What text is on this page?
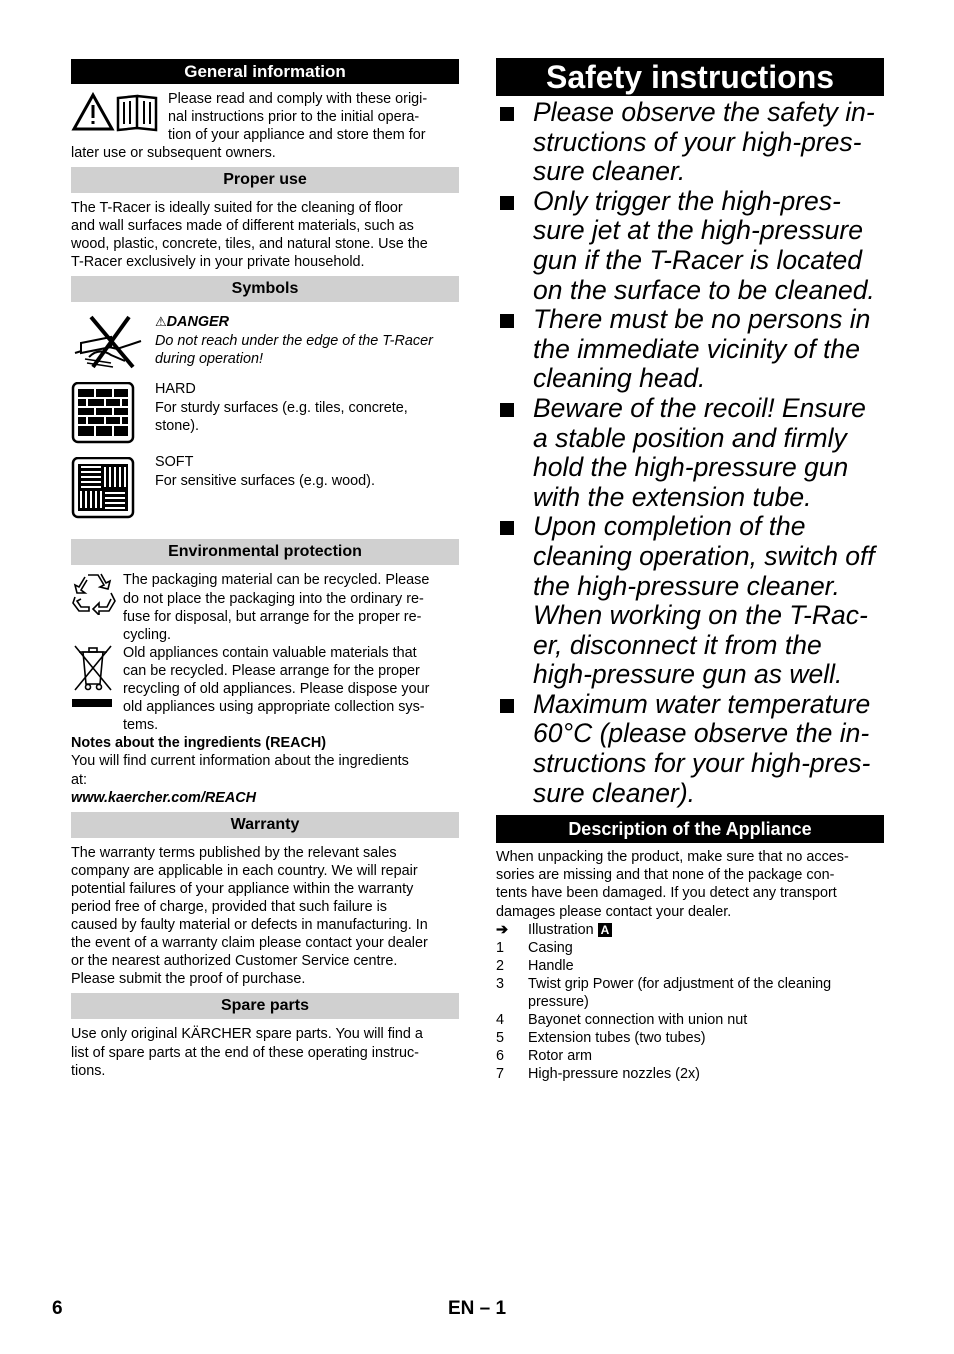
General information
Please read and comply with these origi-
nal instructions prior to the initial opera-
tion of your appliance and store them for
later use or subsequent owners.
Proper use
The T-Racer is ideally suited for the cleaning of floor
and wall surfaces made of different materials, such as
wood, plastic, concrete, tiles, and natural stone. Use the
T-Racer exclusively in your private household.
Symbols
⚠DANGER
Do not reach under the edge of the T-Racer
during operation!
HARD
For sturdy surfaces (e.g. tiles, concrete,
stone).
SOFT
For sensitive surfaces (e.g. wood).
Environmental protection
The packaging material can be recycled. Please
do not place the packaging into the ordinary re-
fuse for disposal, but arrange for the proper re-
cycling.
Old appliances contain valuable materials that
can be recycled. Please arrange for the proper
recycling of old appliances. Please dispose your
old appliances using appropriate collection sys-
tems.
Notes about the ingredients (REACH)
You will find current information about the ingredients
at:
www.kaercher.com/REACH
Warranty
The warranty terms published by the relevant sales
company are applicable in each country. We will repair
potential failures of your appliance within the warranty
period free of charge, provided that such failure is
caused by faulty material or defects in manufacturing. In
the event of a warranty claim please contact your dealer
or the nearest authorized Customer Service centre.
Please submit the proof of purchase.
Spare parts
Use only original KÄRCHER spare parts. You will find a
list of spare parts at the end of these operating instruc-
tions.
Safety instructions
Please observe the safety in-
structions of your high-pres-
sure cleaner.
Only trigger the high-pres-
sure jet at the high-pressure
gun if the T-Racer is located
on the surface to be cleaned.
There must be no persons in
the immediate vicinity of the
cleaning head.
Beware of the recoil! Ensure
a stable position and firmly
hold the high-pressure gun
with the extension tube.
Upon completion of the
cleaning operation, switch off
the high-pressure cleaner.
When working on the T-Rac-
er, disconnect it from the
high-pressure gun as well.
Maximum water temperature
60°C (please observe the in-
structions for your high-pres-
sure cleaner).
Description of the Appliance
When unpacking the product, make sure that no acces-
sories are missing and that none of the package con-
tents have been damaged. If you detect any transport
damages please contact your dealer.
➔	Illustration A
1	Casing
2	Handle
3	Twist grip Power (for adjustment of the cleaning
pressure)
4	Bayonet connection with union nut
5	Extension tubes (two tubes)
6	Rotor arm
7	High-pressure nozzles (2x)
6	EN – 1
